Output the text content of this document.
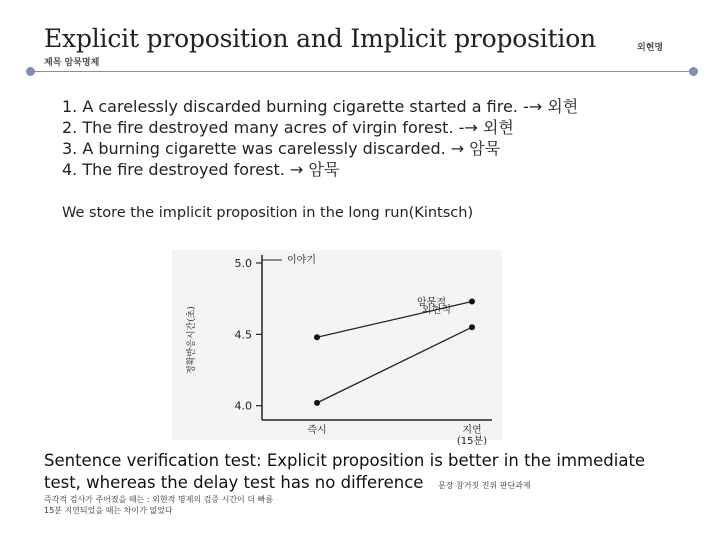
Explicit proposition and Implicit proposition	외현명
제목 암묵명제
1. A carelessly discarded burning cigarette started a fire. -→ 외현
2. The fire destroyed many acres of virgin forest. -→ 외현
3. A burning cigarette was carelessly discarded. → 암묵
4. The fire destroyed forest. → 암묵
We store the implicit proposition in the long run(Kintsch)
4.0
4.5
5.0
정확반응시간(초)
이야기
암묵적
외현적
즉시	지연
(15분)
Sentence verification test: Explicit proposition is better in the immediate
test, whereas the delay test has no difference	문장 참거짓 진위 판단과제
즉각적 검사가 주어졌을 때는 : 외현적 명제의 검증 시간이 더 빠름
15분 지연되었을 때는 차이가 없었다
